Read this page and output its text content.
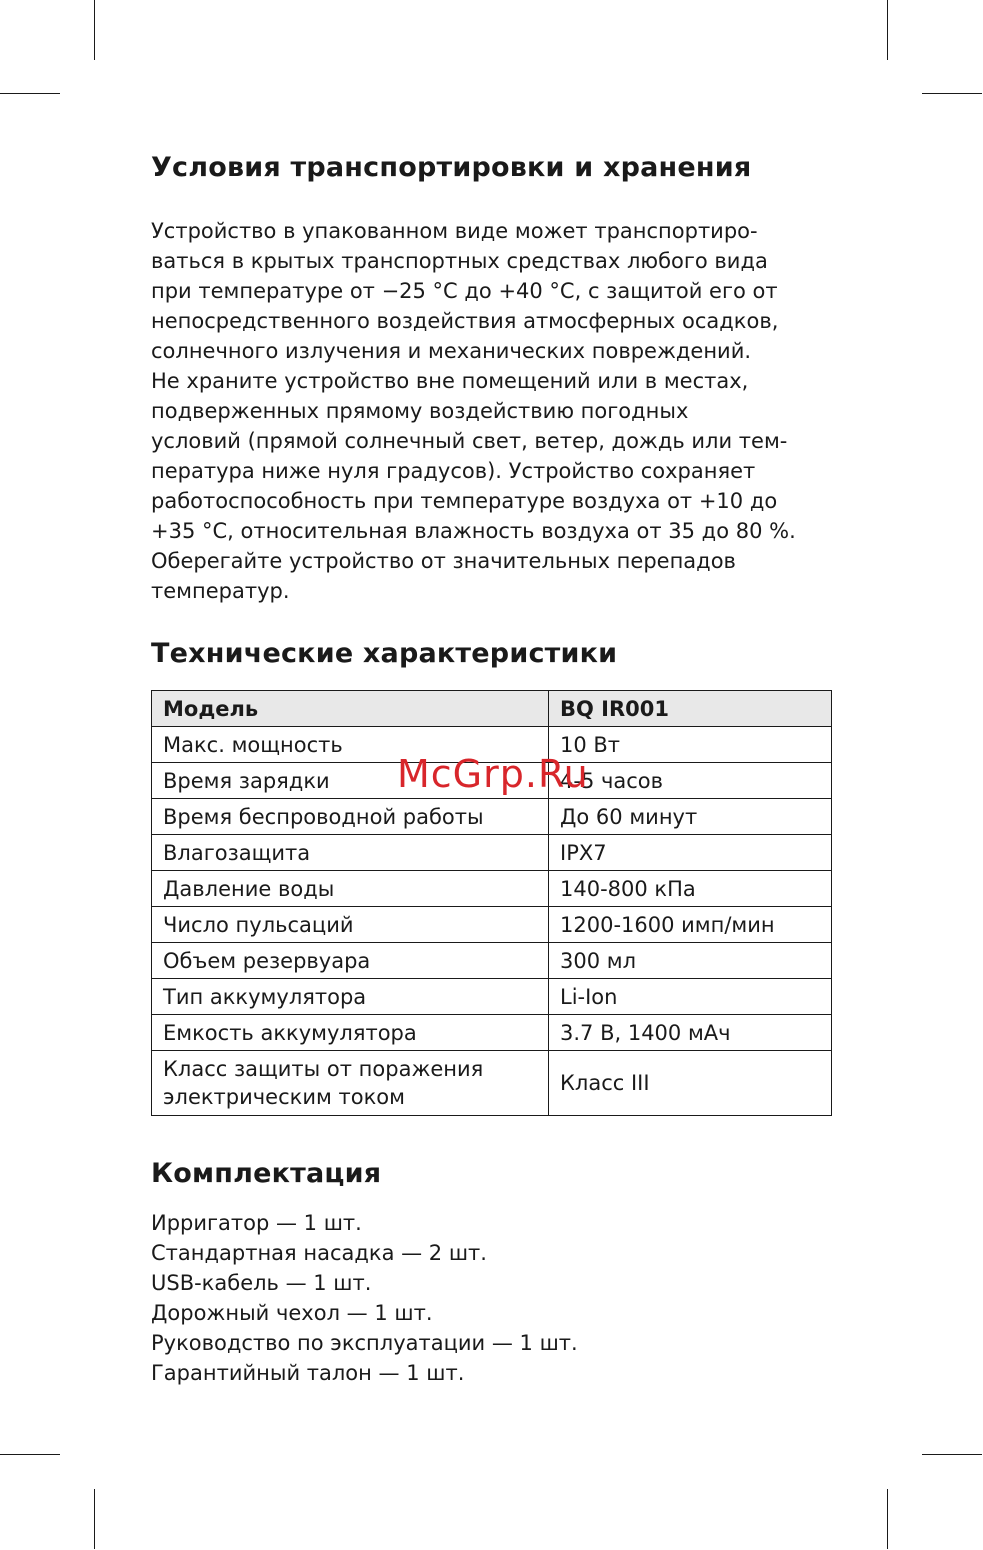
Условия транспортировки и хранения
Устройство в упакованном виде может транспортиро-
ваться в крытых транспортных средствах любого вида
при температуре от −25 °С до +40 °С, с защитой его от
непосредственного воздействия атмосферных осадков,
солнечного излучения и механических повреждений.
Не храните устройство вне помещений или в местах,
подверженных прямому воздействию погодных
условий (прямой солнечный свет, ветер, дождь или тем-
пература ниже нуля градусов). Устройство сохраняет
работоспособность при температуре воздуха от +10 до
+35 °С, относительная влажность воздуха от 35 до 80 %.
Оберегайте устройство от значительных перепадов
температур.
Технические характеристики
Модель	BQ IR001
Макс. мощность	10 Вт
Время зарядки	4-5 часов
Время беспроводной работы	До 60 минут
Влагозащита	IPX7
Давление воды	140-800 кПа
Число пульсаций	1200-1600 имп/мин
Объем резервуара	300 мл
Тип аккумулятора	Li-Ion
Емкость аккумулятора	3.7 В, 1400 мАч

Класс защиты от поражения
электрическим током	Класс III
Комплектация
Ирригатор — 1 шт.
Стандартная насадка — 2 шт.
USB-кабель — 1 шт.
Дорожный чехол — 1 шт.
Руководство по эксплуатации — 1 шт.
Гарантийный талон — 1 шт.
McGrp.Ru
